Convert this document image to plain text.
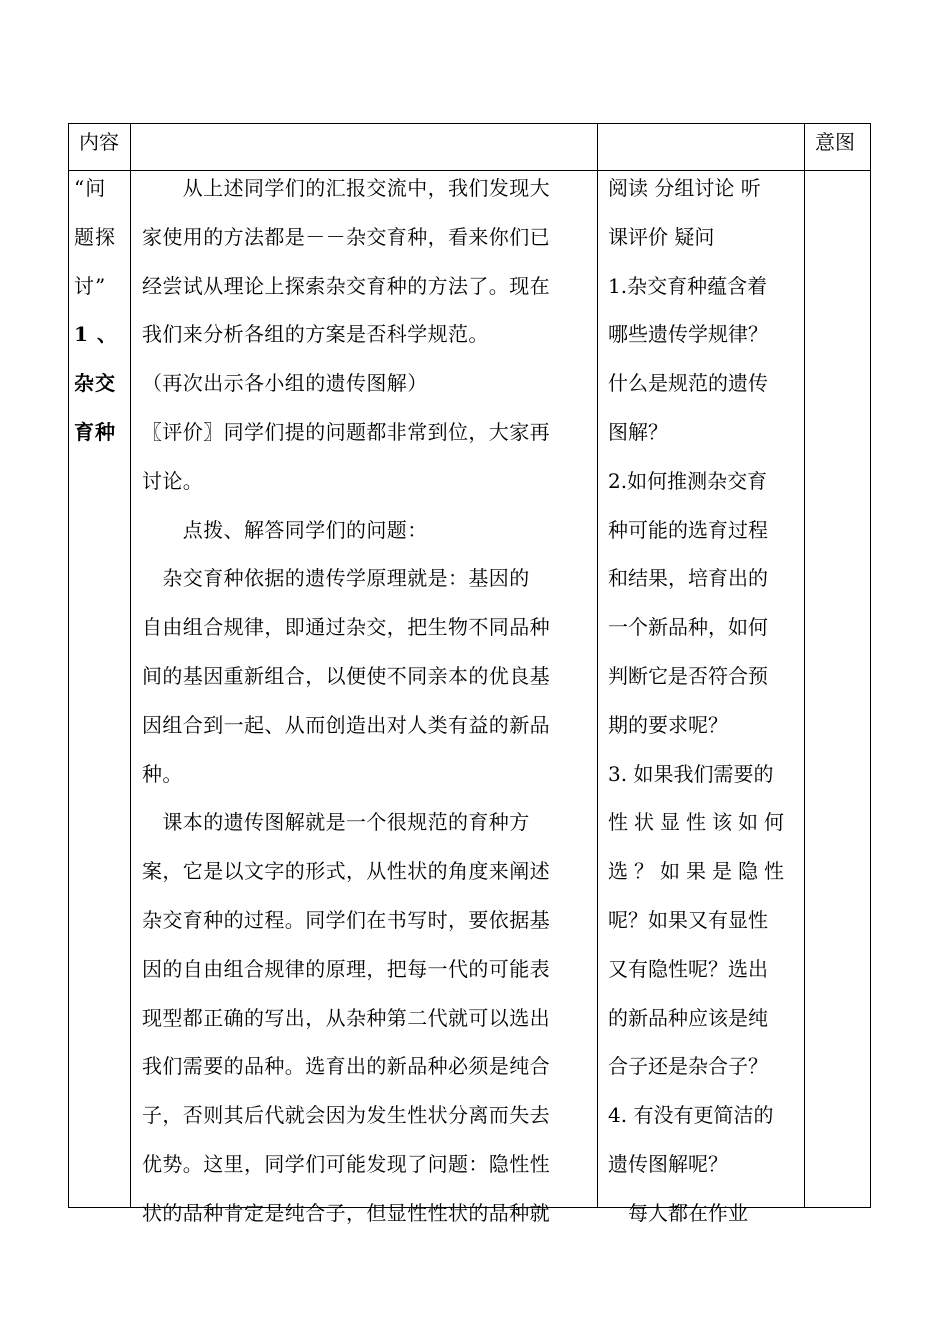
内容	意图
“问
题探
讨”
1 、
杂交
育种
　　从上述同学们的汇报交流中，我们发现大
家使用的方法都是－－杂交育种，看来你们已
经尝试从理论上探索杂交育种的方法了。现在
我们来分析各组的方案是否科学规范。
（再次出示各小组的遗传图解）
〖评价〗同学们提的问题都非常到位，大家再
讨论。
　　点拨、解答同学们的问题：
　杂交育种依据的遗传学原理就是：基因的
自由组合规律，即通过杂交，把生物不同品种
间的基因重新组合，以便使不同亲本的优良基
因组合到一起、从而创造出对人类有益的新品
种。
　课本的遗传图解就是一个很规范的育种方
案，它是以文字的形式，从性状的角度来阐述
杂交育种的过程。同学们在书写时，要依据基
因的自由组合规律的原理，把每一代的可能表
现型都正确的写出，从杂种第二代就可以选出
我们需要的品种。选育出的新品种必须是纯合
子，否则其后代就会因为发生性状分离而失去
优势。这里，同学们可能发现了问题：隐性性
状的品种肯定是纯合子，但显性性状的品种就
阅读 分组讨论 听
课评价 疑问
1.杂交育种蕴含着
哪些遗传学规律？
什么是规范的遗传
图解？
2.如何推测杂交育
种可能的选育过程
和结果，培育出的
一个新品种，如何
判断它是否符合预
期的要求呢？
3. 如果我们需要的
性状显性该如何
选？如果是隐性
呢？如果又有显性
又有隐性呢？选出
的新品种应该是纯
合子还是杂合子？
4. 有没有更简洁的
遗传图解呢？
　每人都在作业
